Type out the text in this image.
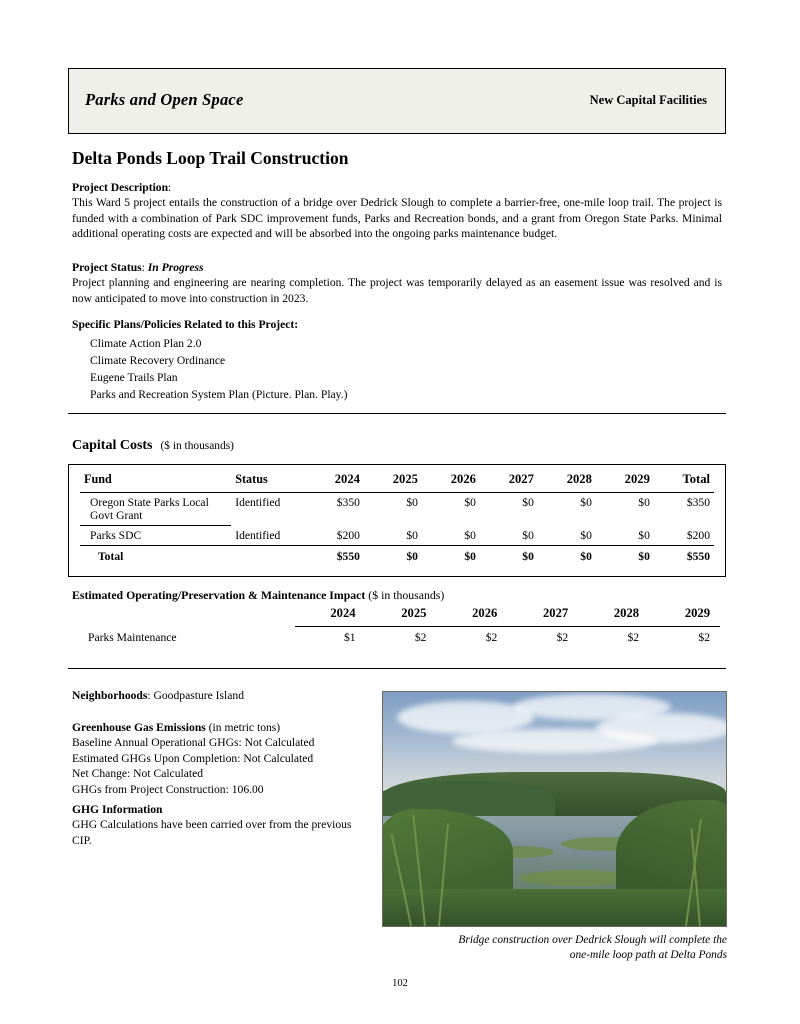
Parks and Open Space	New Capital Facilities
Delta Ponds Loop Trail Construction
Project Description:
This Ward 5 project entails the construction of a bridge over Dedrick Slough to complete a barrier-free, one-mile loop trail. The project is funded with a combination of Park SDC improvement funds, Parks and Recreation bonds, and a grant from Oregon State Parks. Minimal additional operating costs are expected and will be absorbed into the ongoing parks maintenance budget.
Project Status: In Progress
Project planning and engineering are nearing completion. The project was temporarily delayed as an easement issue was resolved and is now anticipated to move into construction in 2023.
Specific Plans/Policies Related to this Project:
Climate Action Plan 2.0
Climate Recovery Ordinance
Eugene Trails Plan
Parks and Recreation System Plan (Picture. Plan. Play.)
Capital Costs ($ in thousands)
Fund	Status	2024	2025	2026	2027	2028	2029	Total
Oregon State Parks Local Govt Grant	Identified	$350	$0	$0	$0	$0	$0	$350
Parks SDC	Identified	$200	$0	$0	$0	$0	$0	$200
Total		$550	$0	$0	$0	$0	$0	$550
Estimated Operating/Preservation & Maintenance Impact ($ in thousands)
	2024	2025	2026	2027	2028	2029
Parks Maintenance	$1	$2	$2	$2	$2	$2
Neighborhoods: Goodpasture Island
Greenhouse Gas Emissions (in metric tons)
Baseline Annual Operational GHGs: Not Calculated
Estimated GHGs Upon Completion: Not Calculated
Net Change: Not Calculated
GHGs from Project Construction: 106.00
GHG Information
GHG Calculations have been carried over from the previous CIP.
Bridge construction over Dedrick Slough will complete the
one-mile loop path at Delta Ponds
102
